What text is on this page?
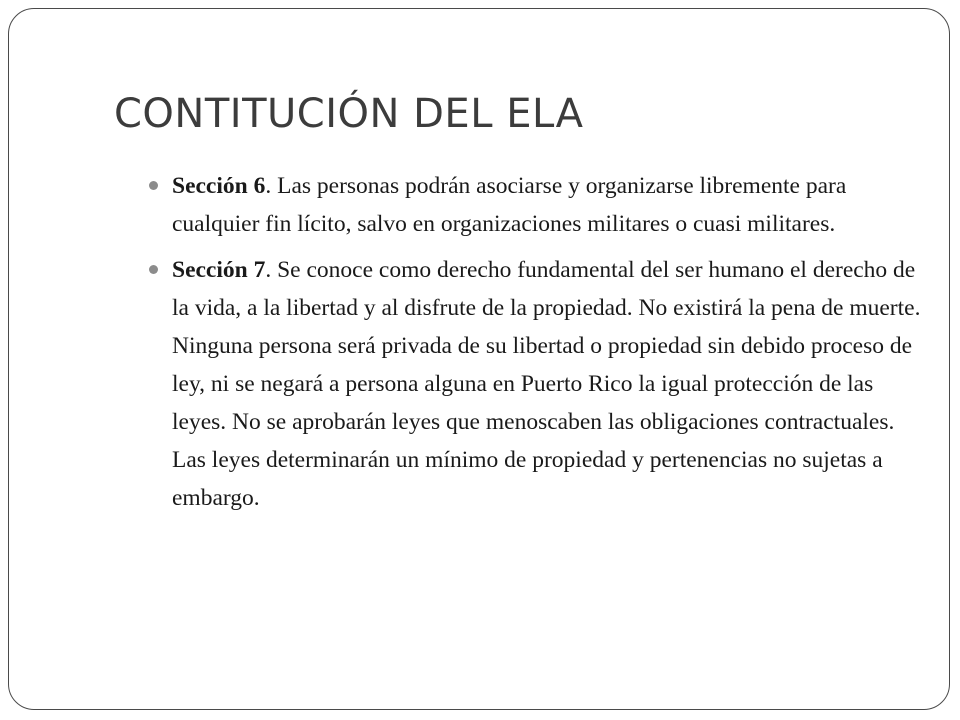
CONTITUCIÓN DEL ELA
Sección 6. Las personas podrán asociarse y organizarse libremente para cualquier fin lícito, salvo en organizaciones militares o cuasi militares.
Sección 7. Se conoce como derecho fundamental del ser humano el derecho de la vida, a la libertad y al disfrute de la propiedad. No existirá la pena de muerte. Ninguna persona será privada de su libertad o propiedad sin debido proceso de ley, ni se negará a persona alguna en Puerto Rico la igual protección de las leyes. No se aprobarán leyes que menoscaben las obligaciones contractuales. Las leyes determinarán un mínimo de propiedad y pertenencias no sujetas a embargo.
